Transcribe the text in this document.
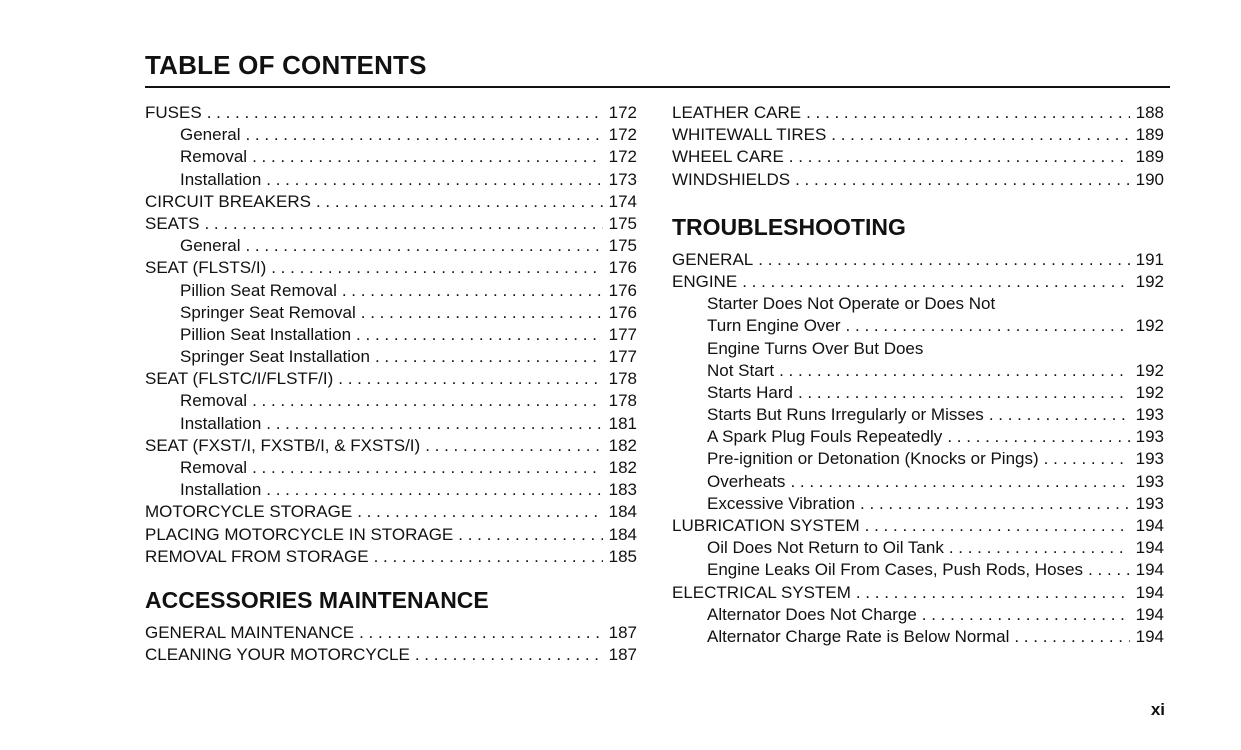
TABLE OF CONTENTS
FUSES . . .	172
General . . .	172
Removal . . .	172
Installation . . .	173
CIRCUIT BREAKERS . . .	174
SEATS . . .	175
General . . .	175
SEAT (FLSTS/I) . . .	176
Pillion Seat Removal . . .	176
Springer Seat Removal . . .	176
Pillion Seat Installation . . .	177
Springer Seat Installation . . .	177
SEAT (FLSTC/I/FLSTF/I) . . .	178
Removal . . .	178
Installation . . .	181
SEAT (FXST/I, FXSTB/I, & FXSTS/I) . . .	182
Removal . . .	182
Installation . . .	183
MOTORCYCLE STORAGE . . .	184
PLACING MOTORCYCLE IN STORAGE . . .	184
REMOVAL FROM STORAGE . . .	185
ACCESSORIES MAINTENANCE
GENERAL MAINTENANCE . . .	187
CLEANING YOUR MOTORCYCLE . . .	187
LEATHER CARE . . .	188
WHITEWALL TIRES . . .	189
WHEEL CARE . . .	189
WINDSHIELDS . . .	190
TROUBLESHOOTING
GENERAL . . .	191
ENGINE . . .	192
Starter Does Not Operate or Does Not
Turn Engine Over . . .	192
Engine Turns Over But Does
Not Start . . .	192
Starts Hard . . .	192
Starts But Runs Irregularly or Misses . . .	193
A Spark Plug Fouls Repeatedly . . .	193
Pre-ignition or Detonation (Knocks or Pings) . . .	193
Overheats . . .	193
Excessive Vibration . . .	193
LUBRICATION SYSTEM . . .	194
Oil Does Not Return to Oil Tank . . .	194
Engine Leaks Oil From Cases, Push Rods, Hoses . . .	194
ELECTRICAL SYSTEM . . .	194
Alternator Does Not Charge . . .	194
Alternator Charge Rate is Below Normal . . .	194
xi
